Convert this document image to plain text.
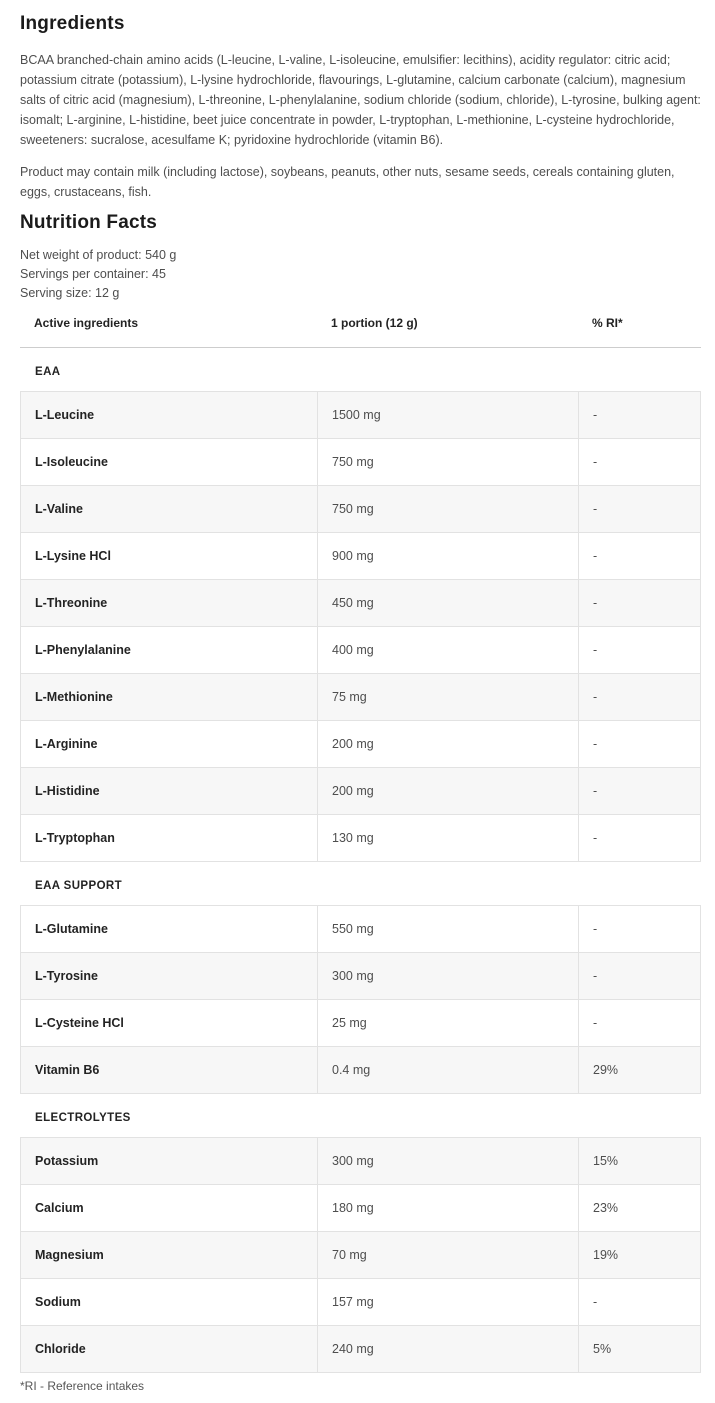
Ingredients

BCAA branched-chain amino acids (L-leucine, L-valine, L-isoleucine, emulsifier: lecithins), acidity regulator: citric acid; potassium citrate (potassium), L-lysine hydrochloride, flavourings, L-glutamine, calcium carbonate (calcium), magnesium salts of citric acid (magnesium), L-threonine, L-phenylalanine, sodium chloride (sodium, chloride), L-tyrosine, bulking agent: isomalt; L-arginine, L-histidine, beet juice concentrate in powder, L-tryptophan, L-methionine, L-cysteine hydrochloride, sweeteners: sucralose, acesulfame K; pyridoxine hydrochloride (vitamin B6).

Product may contain milk (including lactose), soybeans, peanuts, other nuts, sesame seeds, cereals containing gluten, eggs, crustaceans, fish.

Nutrition Facts
Net weight of product: 540 g
Servings per container: 45
Serving size: 12 g
Active ingredients	1 portion (12 g)	% RI*
EAA
L-Leucine	1500 mg	-
L-Isoleucine	750 mg	-
L-Valine	750 mg	-
L-Lysine HCl	900 mg	-
L-Threonine	450 mg	-
L-Phenylalanine	400 mg	-
L-Methionine	75 mg	-
L-Arginine	200 mg	-
L-Histidine	200 mg	-
L-Tryptophan	130 mg	-
EAA SUPPORT
L-Glutamine	550 mg	-
L-Tyrosine	300 mg	-
L-Cysteine HCl	25 mg	-
Vitamin B6	0.4 mg	29%
ELECTROLYTES
Potassium	300 mg	15%
Calcium	180 mg	23%
Magnesium	70 mg	19%
Sodium	157 mg	-
Chloride	240 mg	5%
*RI - Reference intakes
